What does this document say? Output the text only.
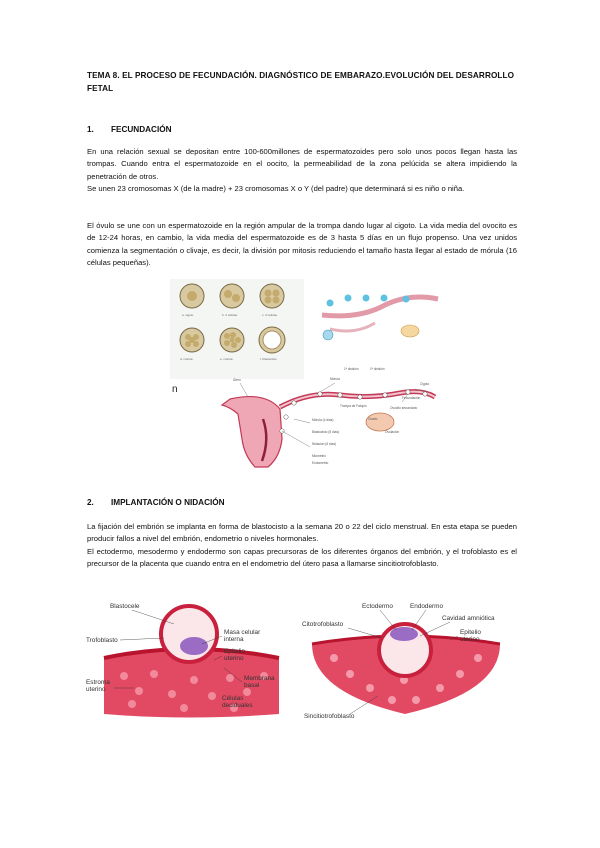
TEMA 8. EL PROCESO DE FECUNDACIÓN. DIAGNÓSTICO DE EMBARAZO.EVOLUCIÓN DEL DESARROLLO FETAL
1. FECUNDACIÓN
En una relación sexual se depositan entre 100-600millones de espermatozoides pero solo unos pocos llegan hasta las trompas. Cuando entra el espermatozoide en el oocito, la permeabilidad de la zona pelúcida se altera impidiendo la penetración de otros.
Se unen 23 cromosomas X (de la madre) + 23 cromosomas X o Y (del padre) que determinará si es niño o niña.
El óvulo se une con un espermatozoide en la región ampular de la trompa dando lugar al cigoto. La vida media del ovocito es de 12-24 horas, en cambio, la vida media del espermatozoide es de 3 hasta 5 días en un flujo propenso. Una vez unidos comienza la segmentación o clivaje, es decir, la división por mitosis reduciendo el tamaño hasta llegar al estado de mórula (16 células pequeñas).
a. cigoto	b. 2 células	c. 4 células
d. mórula	e. mórula	f. blastocisto
n
Útero	Mórula
1ª división	1ª división
Cigoto
Fecundación
Trompa de Falopio	Ovocito secundario
Ovario
Ovulación
Mórula (4 días)
Blastocisto (5 días)
Nidación (6 días)
Miometrio
Endometrio
2. IMPLANTACIÓN O NIDACIÓN
La fijación del embrión se implanta en forma de blastocisto a la semana 20 o 22 del ciclo menstrual. En esta etapa se pueden producir fallos a nivel del embrión, endometrio o niveles hormonales.
El ectodermo, mesodermo y endodermo son capas precursoras de los diferentes órganos del embrión, y el trofoblasto es el precursor de la placenta que cuando entra en el endometrio del útero pasa a llamarse sincitiotrofoblasto.
Blastocele
Trofoblasto
Masa celular
interna
Epitelio
uterino
Estroma
uterino
Membrana
basal
Células
deciduales
Ectodermo	Endodermo
Citotrofoblasto
Cavidad amniótica
Epitelio
uterino
Sincitiotrofoblasto
